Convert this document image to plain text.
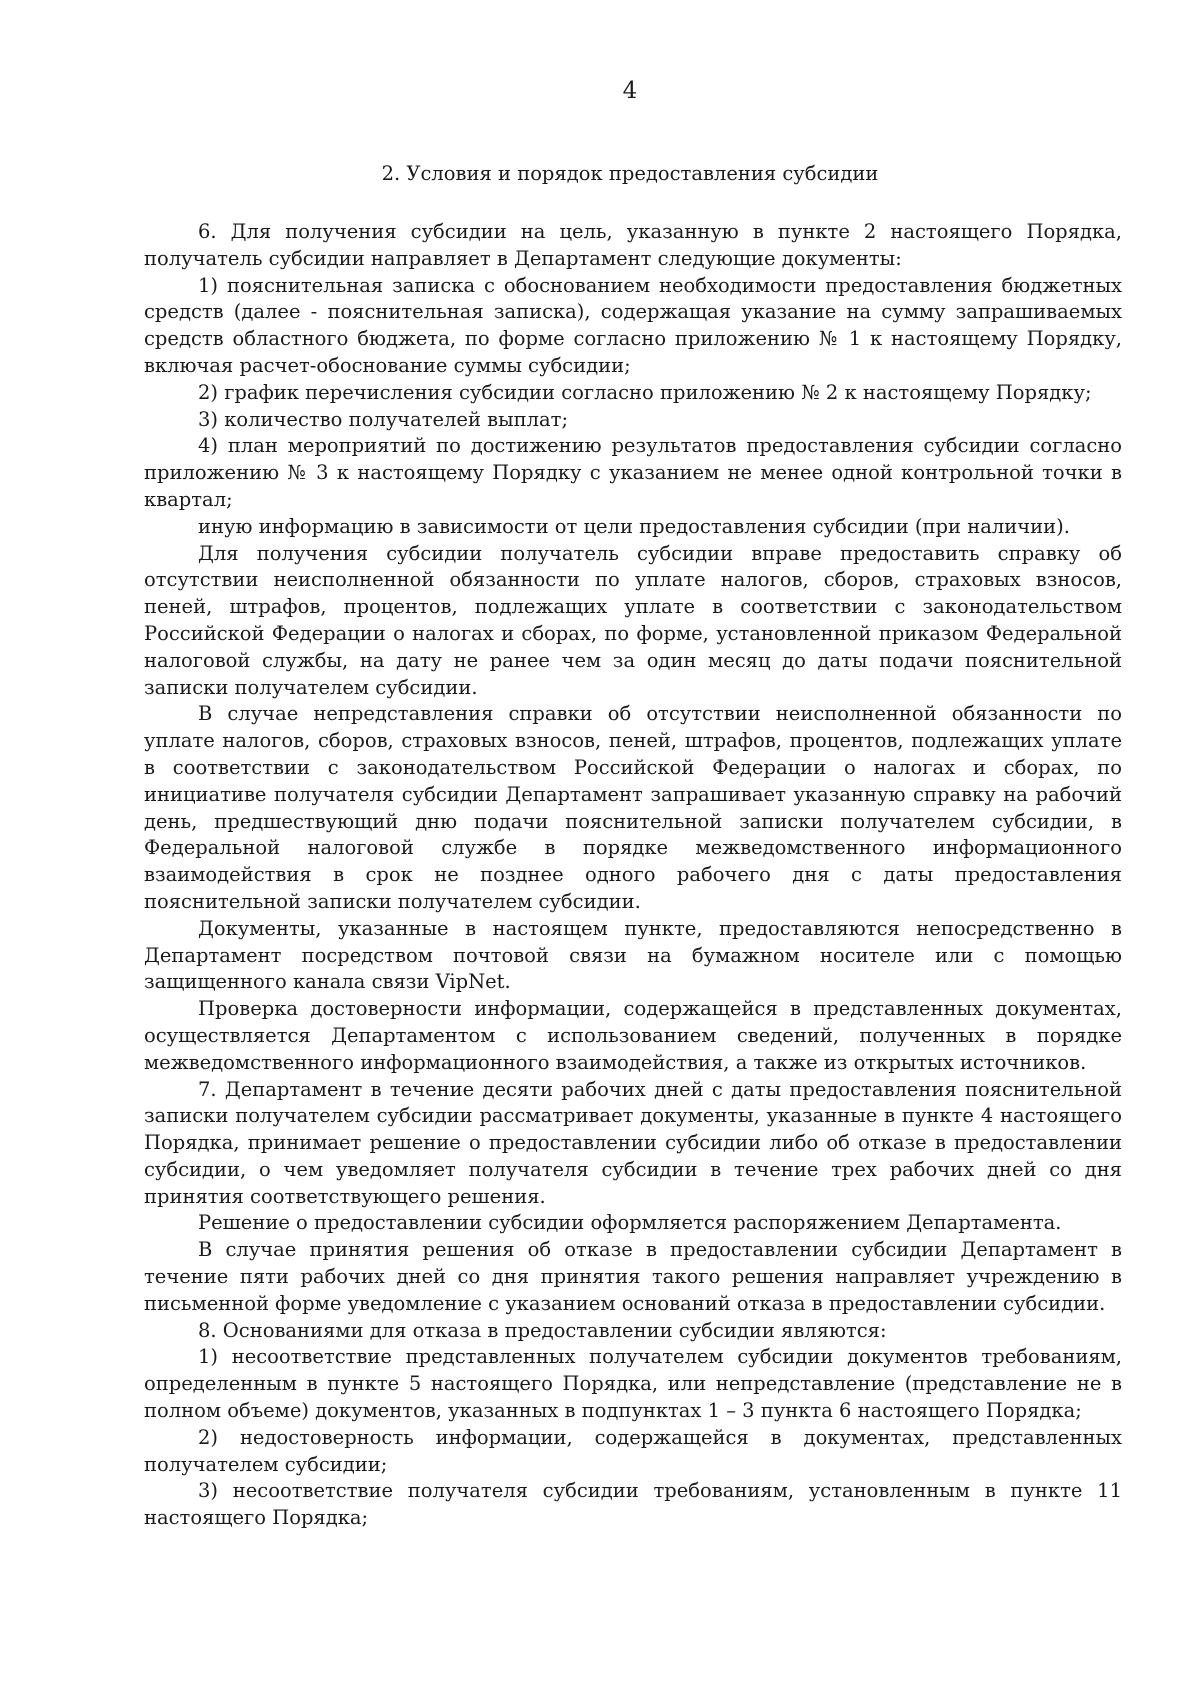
4
2. Условия и порядок предоставления субсидии

6. Для получения субсидии на цель, указанную в пункте 2 настоящего Порядка, получатель субсидии направляет в Департамент следующие документы:

1) пояснительная записка с обоснованием необходимости предоставления бюджетных средств (далее - пояснительная записка), содержащая указание на сумму запрашиваемых средств областного бюджета, по форме согласно приложению № 1 к настоящему Порядку, включая расчет-обоснование суммы субсидии;

2) график перечисления субсидии согласно приложению № 2 к настоящему Порядку;

3) количество получателей выплат;

4) план мероприятий по достижению результатов предоставления субсидии согласно приложению № 3 к настоящему Порядку с указанием не менее одной контрольной точки в квартал;

иную информацию в зависимости от цели предоставления субсидии (при наличии).

Для получения субсидии получатель субсидии вправе предоставить справку об отсутствии неисполненной обязанности по уплате налогов, сборов, страховых взносов, пеней, штрафов, процентов, подлежащих уплате в соответствии с законодательством Российской Федерации о налогах и сборах, по форме, установленной приказом Федеральной налоговой службы, на дату не ранее чем за один месяц до даты подачи пояснительной записки получателем субсидии.

В случае непредставления справки об отсутствии неисполненной обязанности по уплате налогов, сборов, страховых взносов, пеней, штрафов, процентов, подлежащих уплате в соответствии с законодательством Российской Федерации о налогах и сборах, по инициативе получателя субсидии Департамент запрашивает указанную справку на рабочий день, предшествующий дню подачи пояснительной записки получателем субсидии, в Федеральной налоговой службе в порядке межведомственного информационного взаимодействия в срок не позднее одного рабочего дня с даты предоставления пояснительной записки получателем субсидии.

Документы, указанные в настоящем пункте, предоставляются непосредственно в Департамент посредством почтовой связи на бумажном носителе или с помощью защищенного канала связи VipNet.

Проверка достоверности информации, содержащейся в представленных документах, осуществляется Департаментом с использованием сведений, полученных в порядке межведомственного информационного взаимодействия, а также из открытых источников.

7. Департамент в течение десяти рабочих дней с даты предоставления пояснительной записки получателем субсидии рассматривает документы, указанные в пункте 4 настоящего Порядка, принимает решение о предоставлении субсидии либо об отказе в предоставлении субсидии, о чем уведомляет получателя субсидии в течение трех рабочих дней со дня принятия соответствующего решения.

Решение о предоставлении субсидии оформляется распоряжением Департамента.

В случае принятия решения об отказе в предоставлении субсидии Департамент в течение пяти рабочих дней со дня принятия такого решения направляет учреждению в письменной форме уведомление с указанием оснований отказа в предоставлении субсидии.

8. Основаниями для отказа в предоставлении субсидии являются:

1) несоответствие представленных получателем субсидии документов требованиям, определенным в пункте 5 настоящего Порядка, или непредставление (представление не в полном объеме) документов, указанных в подпунктах 1 – 3 пункта 6 настоящего Порядка;

2) недостоверность информации, содержащейся в документах, представленных получателем субсидии;

3) несоответствие получателя субсидии требованиям, установленным в пункте 11 настоящего Порядка;
